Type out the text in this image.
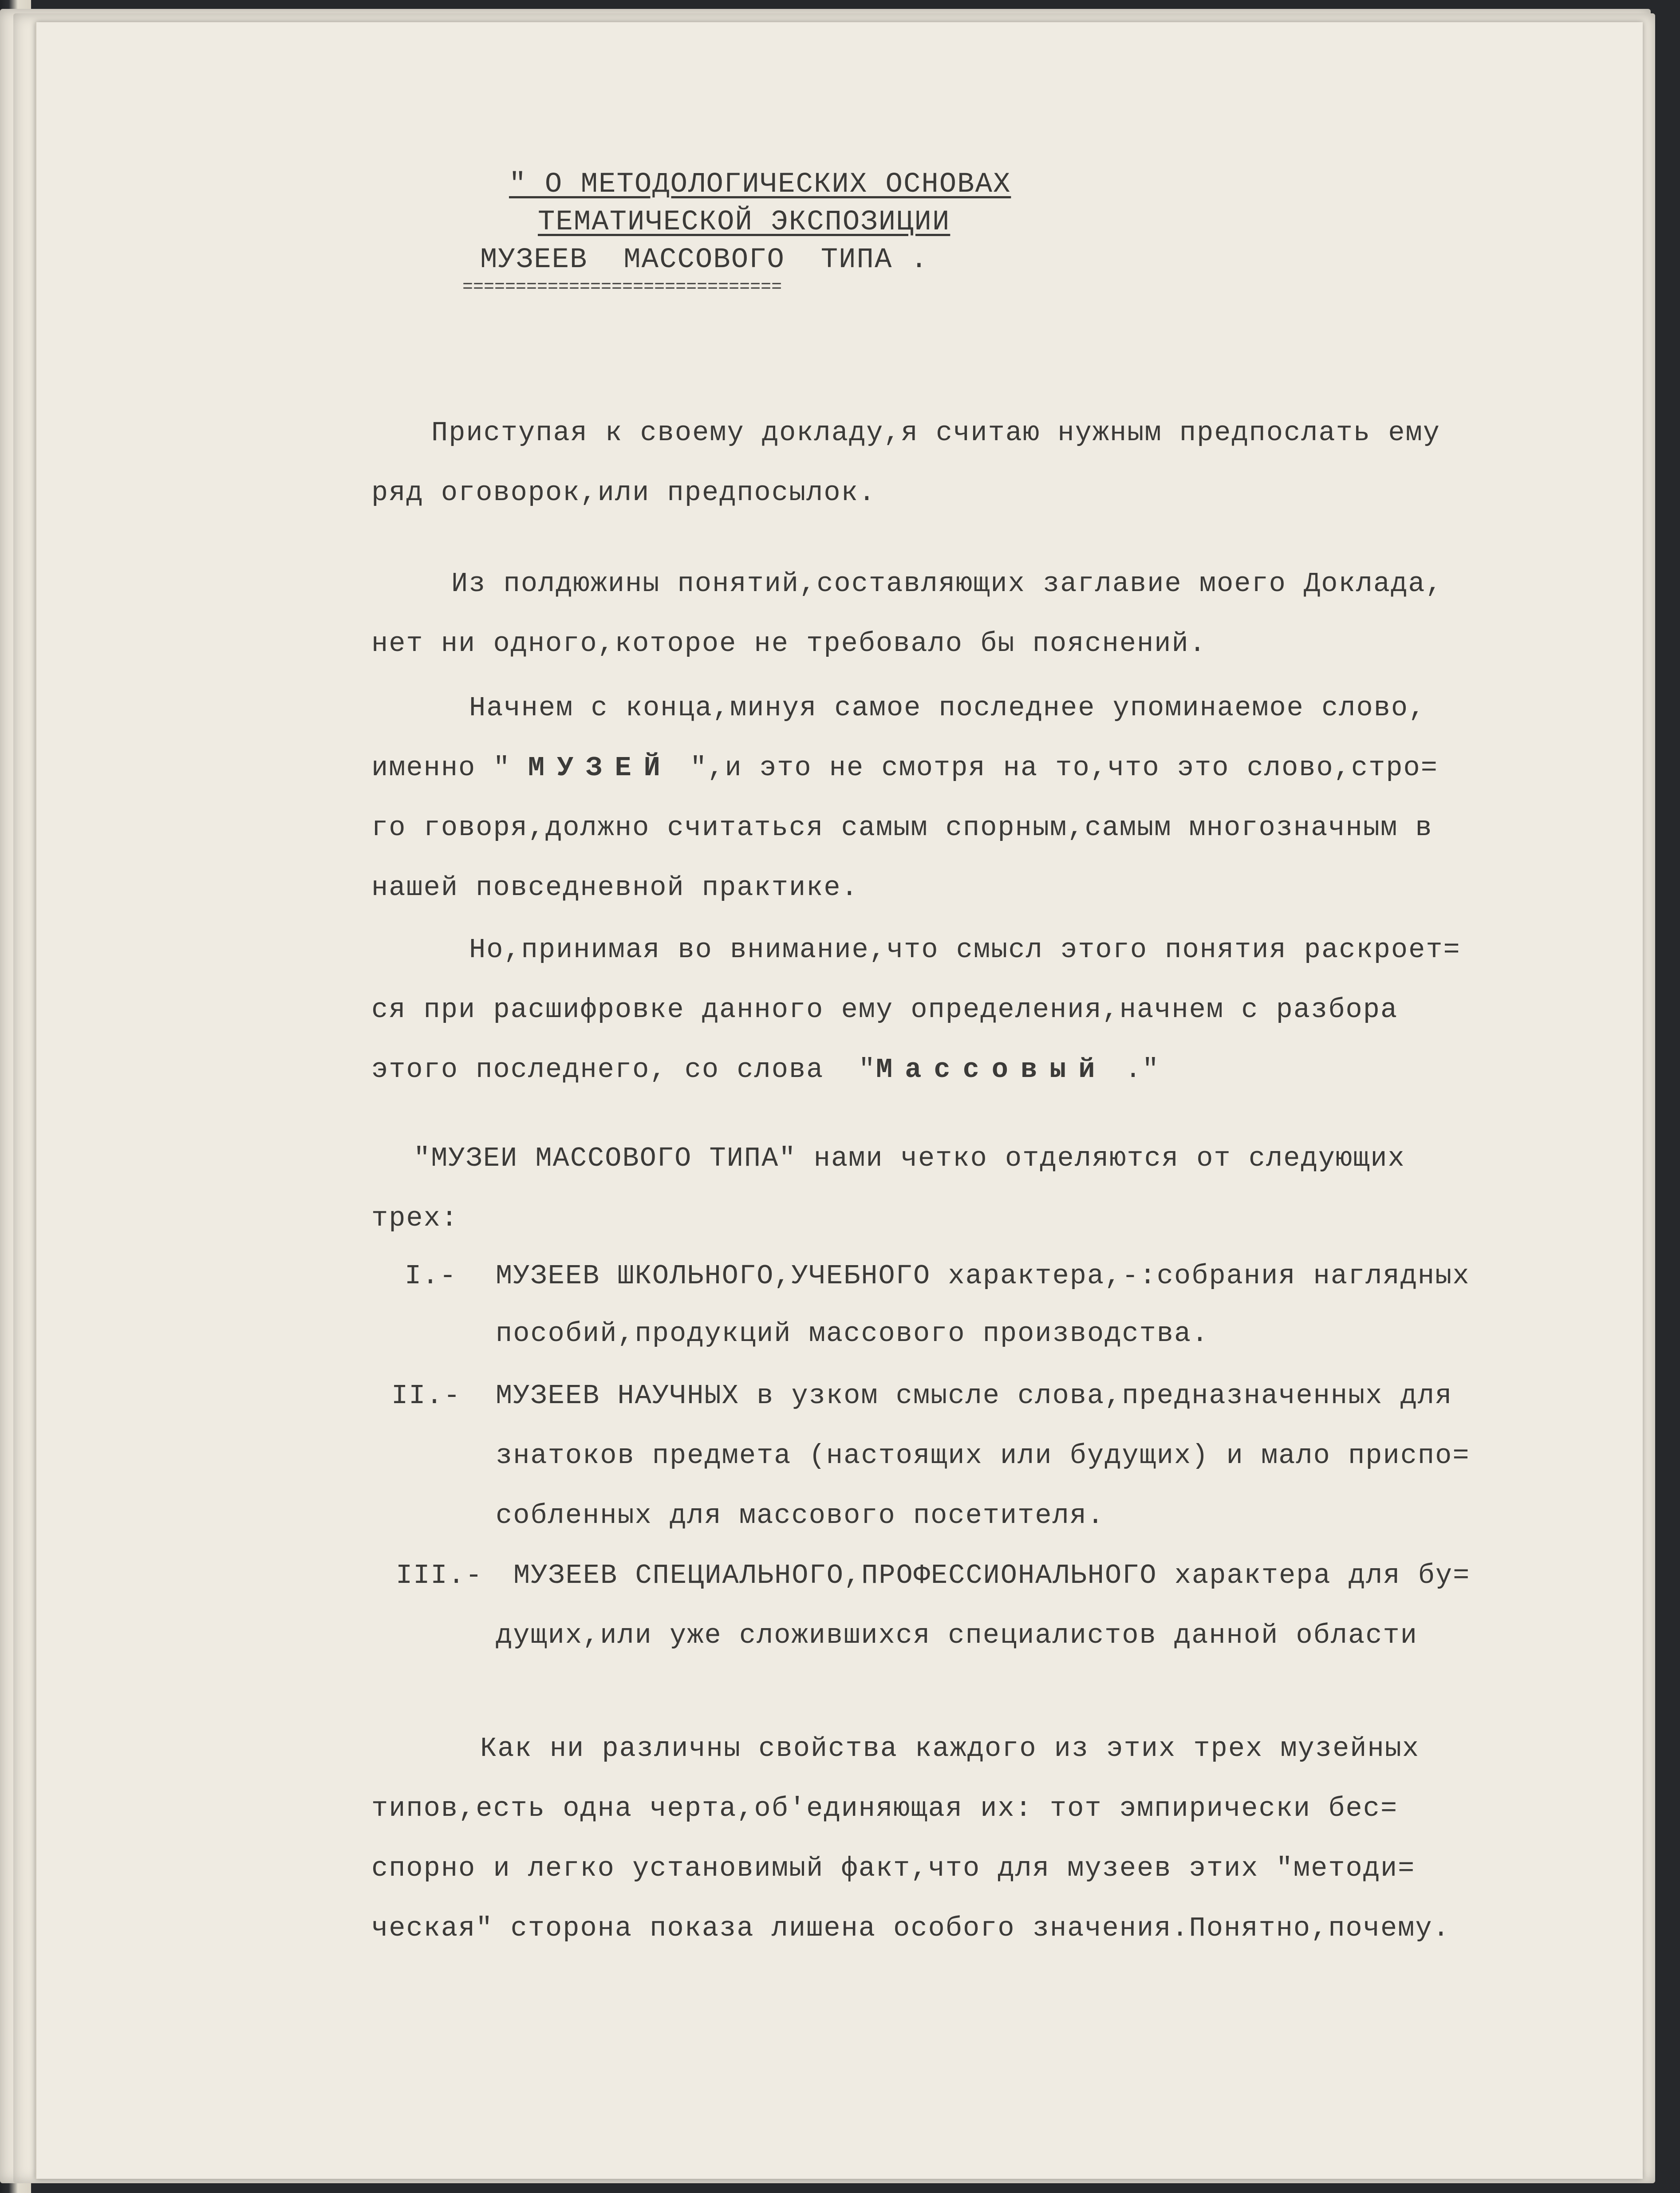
" О МЕТОДОЛОГИЧЕСКИХ ОСНОВАХ
ТЕМАТИЧЕСКОЙ ЭКСПОЗИЦИИ
МУЗЕЕВ  МАССОВОГО  ТИПА .
==============================
Приступая к своему докладу,я считаю нужным предпослать ему
ряд оговорок,или предпосылок.
Из полдюжины понятий,составляющих заглавие моего Доклада,
нет ни одного,которое не требовало бы пояснений.
Начнем с конца,минуя самое последнее упоминаемое слово,
именно " МУЗЕЙ ",и это не смотря на то,что это слово,стро=
го говоря,должно считаться самым спорным,самым многозначным в
нашей повседневной практике.
Но,принимая во внимание,что смысл этого понятия раскроет=
ся при расшифровке данного ему определения,начнем с разбора
этого последнего, со слова  "Массовый ."
"МУЗЕИ МАССОВОГО ТИПА" нами четко отделяются от следующих
трех:
I.- МУЗЕЕВ ШКОЛЬНОГО,УЧЕБНОГО характера,-:собрания наглядных
пособий,продукций массового производства.
II.- МУЗЕЕВ НАУЧНЫХ в узком смысле слова,предназначенных для
знатоков предмета (настоящих или будущих) и мало приспо=
собленных для массового посетителя.
III.- МУЗЕЕВ СПЕЦИАЛЬНОГО,ПРОФЕССИОНАЛЬНОГО характера для бу=
дущих,или уже сложившихся специалистов данной области
Как ни различны свойства каждого из этих трех музейных
типов,есть одна черта,об'единяющая их: тот эмпирически бес=
спорно и легко установимый факт,что для музеев этих "методи=
ческая" сторона показа лишена особого значения.Понятно,почему.
